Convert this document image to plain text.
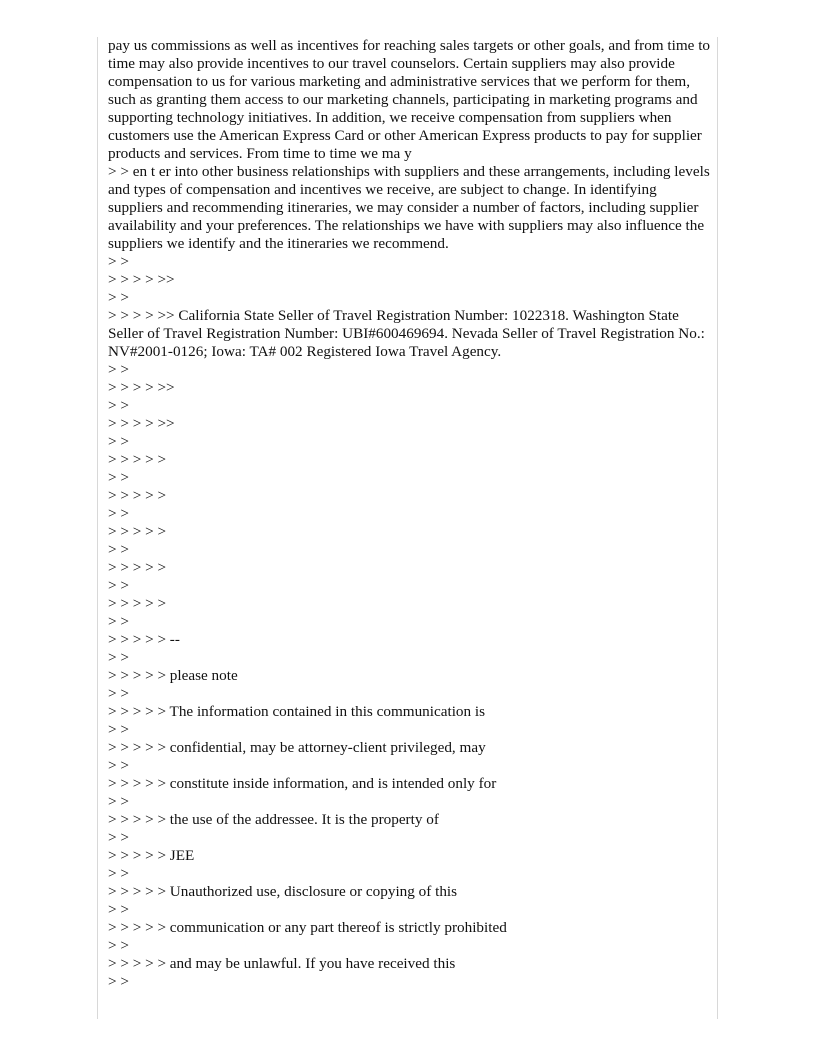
pay us commissions as well as incentives for reaching sales targets or other goals, and from time to time may also provide incentives to our travel counselors. Certain suppliers may also provide compensation to us for various marketing and administrative services that we perform for them, such as granting them access to our marketing channels, participating in marketing programs and supporting technology initiatives. In addition, we receive compensation from suppliers when customers use the American Express Card or other American Express products to pay for supplier products and services. From time to time we ma y

> > en t er into other business relationships with suppliers and these arrangements, including levels and types of compensation and incentives we receive, are subject to change. In identifying suppliers and recommending itineraries, we may consider a number of factors, including supplier availability and your preferences. The relationships we have with suppliers may also influence the suppliers we identify and the itineraries we recommend.

> >

> > > > >>

> >

> > > > >> California State Seller of Travel Registration Number: 1022318. Washington State Seller of Travel Registration Number: UBI#600469694. Nevada Seller of Travel Registration No.: NV#2001-0126; Iowa: TA# 002 Registered Iowa Travel Agency.

> >

> > > > >>

> >

> > > > >>

> >

> > > > >

> >

> > > > >

> >

> > > > >

> >

> > > > >

> >

> > > > >

> >

> > > > > --

> >

> > > > > please note

> >

> > > > > The information contained in this communication is

> >

> > > > > confidential, may be attorney-client privileged, may

> >

> > > > > constitute inside information, and is intended only for

> >

> > > > > the use of the addressee. It is the property of

> >

> > > > > JEE

> >

> > > > > Unauthorized use, disclosure or copying of this

> >

> > > > > communication or any part thereof is strictly prohibited

> >

> > > > > and may be unlawful. If you have received this

> >
